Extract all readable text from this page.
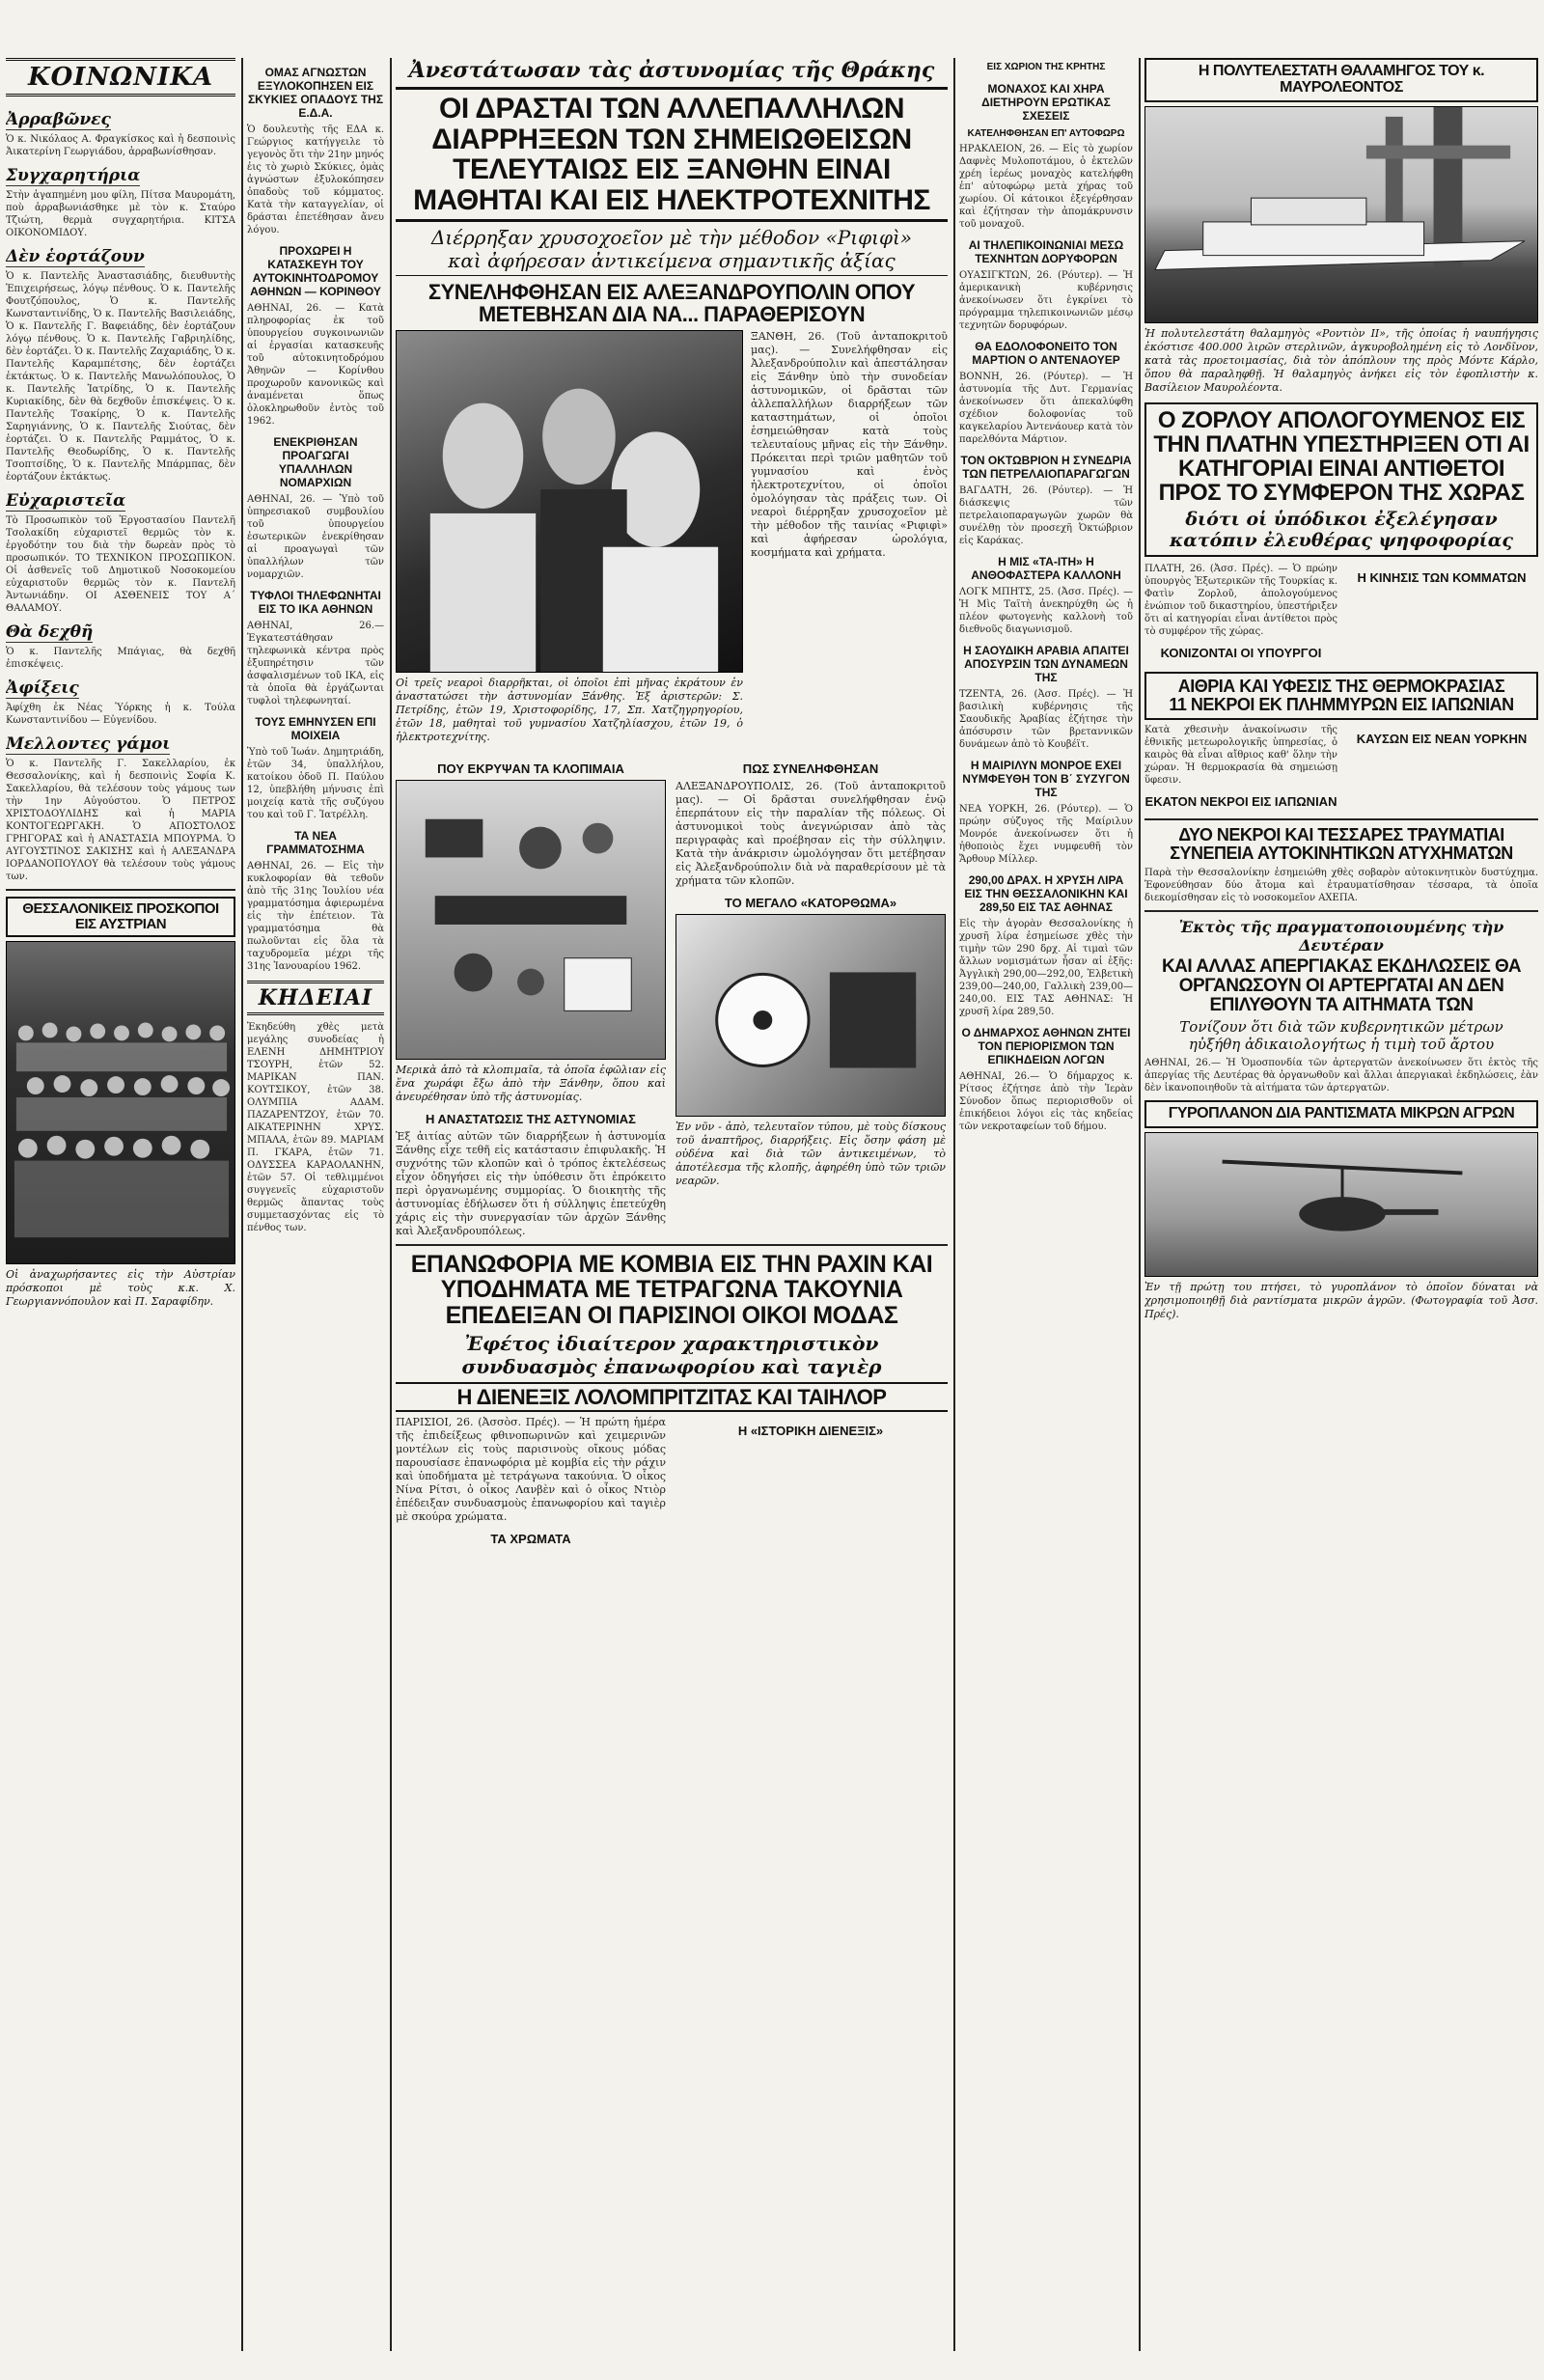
ΚΟΙΝΩΝΙΚΑ
Ἀρραβῶνες
Ὁ κ. Νικόλαος Α. Φραγκίσκος καὶ ἡ δεσποινὶς Ἀικατερίνη Γεωργιάδου, ἀρραβωνίσθησαν.
Συγχαρητήρια
Στὴν ἀγαπημένη μου φίλη, Πίτσα Μαυρομάτη, ποὺ ἀρραβωνιάσθηκε μὲ τὸν κ. Σταύρο Τζιώτη, θερμὰ συγχαρητήρια. ΚΙΤΣΑ ΟΙΚΟΝΟΜΙΔΟΥ.
Δὲν ἑορτάζουν
Ὁ κ. Παντελῆς Ἀναστασιάδης, διευθυντὴς Ἐπιχειρήσεως, λόγῳ πένθους. Ὁ κ. Παντελῆς Φουτζόπουλος, Ὁ κ. Παντελῆς Κωνσταντινίδης, Ὁ κ. Παντελῆς Βασιλειάδης, Ὁ κ. Παντελῆς Γ. Βαφειάδης, δὲν ἑορτάζουν λόγῳ πένθους. Ὁ κ. Παντελῆς Γαβριηλίδης, δὲν ἑορτάζει. Ὁ κ. Παντελῆς Ζαχαριάδης, Ὁ κ. Παντελῆς Καραμπέτσης, δὲν ἑορτάζει ἐκτάκτως. Ὁ κ. Παντελῆς Μανωλόπουλος, Ὁ κ. Παντελῆς Ἰατρίδης, Ὁ κ. Παντελῆς Κυριακίδης, δὲν θὰ δεχθοῦν ἐπισκέψεις. Ὁ κ. Παντελῆς Τσακίρης, Ὁ κ. Παντελῆς Σαρηγιάννης, Ὁ κ. Παντελῆς Σιούτας, δὲν ἑορτάζει. Ὁ κ. Παντελῆς Ραμμάτος, Ὁ κ. Παντελῆς Θεοδωρίδης, Ὁ κ. Παντελῆς Τσοπτσίδης, Ὁ κ. Παντελῆς Μπάρμπας, δὲν ἑορτάζουν ἐκτάκτως.
Εὐχαριστεῖα
Τὸ Προσωπικὸν τοῦ Ἐργοστασίου Παντελῆ Τσολακίδη εὐχαριστεῖ θερμῶς τὸν κ. ἐργοδότην του διὰ τὴν δωρεὰν πρὸς τὸ προσωπικόν. ΤΟ ΤΕΧΝΙΚΟΝ ΠΡΟΣΩΠΙΚΟΝ. Οἱ ἀσθενεῖς τοῦ Δημοτικοῦ Νοσοκομείου εὐχαριστοῦν θερμῶς τὸν κ. Παντελῆ Ἀντωνιάδην. ΟΙ ΑΣΘΕΝΕΙΣ ΤΟΥ Α΄ ΘΑΛΑΜΟΥ.
Θὰ δεχθῆ
Ὁ κ. Παντελῆς Μπάγιας, θὰ δεχθῆ ἐπισκέψεις.
Ἀφίξεις
Ἀφίχθη ἐκ Νέας Ὑόρκης ἡ κ. Τούλα Κωνσταντινίδου — Εὐγενίδου.
Μελλοντες γάμοι
Ὁ κ. Παντελῆς Γ. Σακελλαρίου, ἐκ Θεσσαλονίκης, καὶ ἡ δεσποινὶς Σοφία Κ. Σακελλαρίου, θὰ τελέσουν τοὺς γάμους των τὴν 1ην Αὐγούστου. Ὁ ΠΕΤΡΟΣ ΧΡΙΣΤΟΔΟΥΛΙΔΗΣ καὶ ἡ ΜΑΡΙΑ ΚΟΝΤΟΓΕΩΡΓΑΚΗ. Ὁ ΑΠΟΣΤΟΛΟΣ ΓΡΗΓΟΡΑΣ καὶ ἡ ΑΝΑΣΤΑΣΙΑ ΜΠΟΥΡΜΑ. Ὁ ΑΥΓΟΥΣΤΙΝΟΣ ΣΑΚΙΣΗΣ καὶ ἡ ΑΛΕΞΑΝΔΡΑ ΙΟΡΔΑΝΟΠΟΥΛΟΥ θὰ τελέσουν τοὺς γάμους των.
ΘΕΣΣΑΛΟΝΙΚΕΙΣ ΠΡΟΣΚΟΠΟΙ ΕΙΣ ΑΥΣΤΡΙΑΝ
Οἱ ἀναχωρήσαντες εἰς τὴν Αὐστρίαν πρόσκοποι μὲ τοὺς κ.κ. Χ. Γεωργιαννόπουλον καὶ Π. Σαραφίδην.
ΟΜΑΣ ΑΓΝΩΣΤΩΝ ΕΞΥΛΟΚΟΠΗΣΕΝ ΕΙΣ ΣΚΥΚΙΕΣ ΟΠΑΔΟΥΣ ΤΗΣ Ε.Δ.Α.
Ὁ δουλευτὴς τῆς ΕΔΑ κ. Γεώργιος κατήγγειλε τὸ γεγονὸς ὅτι τὴν 21ην μηνός ἐις τὸ χωριὸ Σκύκιες, ὁμὰς ἀγνώστων ἐξυλοκόπησεν ὀπαδοὺς τοῦ κόμματος. Κατὰ τὴν καταγγελίαν, οἱ δράσται ἐπετέθησαν ἄνευ λόγου.
ΠΡΟΧΩΡΕΙ Η ΚΑΤΑΣΚΕΥΗ ΤΟΥ ΑΥΤΟΚΙΝΗΤΟΔΡΟΜΟΥ ΑΘΗΝΩΝ — ΚΟΡΙΝΘΟΥ
ΑΘΗΝΑΙ, 26. — Κατὰ πληροφορίας ἐκ τοῦ ὑπουργείου συγκοινωνιῶν αἱ ἐργασίαι κατασκευῆς τοῦ αὐτοκινητοδρόμου Ἀθηνῶν — Κορίνθου προχωροῦν κανονικῶς καὶ ἀναμένεται ὅπως ὁλοκληρωθοῦν ἐντὸς τοῦ 1962.
ΕΝΕΚΡΙΘΗΣΑΝ ΠΡΟΑΓΩΓΑΙ ΥΠΑΛΛΗΛΩΝ ΝΟΜΑΡΧΙΩΝ
ΑΘΗΝΑΙ, 26. — Ὑπὸ τοῦ ὑπηρεσιακοῦ συμβουλίου τοῦ ὑπουργείου ἐσωτερικῶν ἐνεκρίθησαν αἱ προαγωγαὶ τῶν ὑπαλλήλων τῶν νομαρχιῶν.
ΤΥΦΛΟΙ ΤΗΛΕΦΩΝΗΤΑΙ ΕΙΣ ΤΟ ΙΚΑ ΑΘΗΝΩΝ
ΑΘΗΝΑΙ, 26.— Ἐγκατεστάθησαν τηλεφωνικὰ κέντρα πρὸς ἐξυπηρέτησιν τῶν ἀσφαλισμένων τοῦ ΙΚΑ, εἰς τὰ ὁποῖα θὰ ἐργάζωνται τυφλοὶ τηλεφωνηταί.
ΤΟΥΣ ΕΜΗΝΥΣΕΝ ΕΠΙ ΜΟΙΧΕΙΑ
Ὑπὸ τοῦ Ἰωάν. Δημητριάδη, ἐτῶν 34, ὑπαλλήλου, κατοίκου ὁδοῦ Π. Παύλου 12, ὑπεβλήθη μήνυσις ἐπὶ μοιχείᾳ κατὰ τῆς συζύγου του καὶ τοῦ Γ. Ἰατρέλλη.
ΤΑ ΝΕΑ ΓΡΑΜΜΑΤΟΣΗΜΑ
ΑΘΗΝΑΙ, 26. — Εἰς τὴν κυκλοφορίαν θὰ τεθοῦν ἀπὸ τῆς 31ης Ἰουλίου νέα γραμματόσημα ἀφιερωμένα εἰς τὴν ἐπέτειον. Τὰ γραμματόσημα θὰ πωλοῦνται εἰς ὅλα τὰ ταχυδρομεῖα μέχρι τῆς 31ης Ἰανουαρίου 1962.
ΚΗΔΕΙΑΙ
Ἐκηδεύθη χθὲς μετὰ μεγάλης συνοδείας ἡ ΕΛΕΝΗ ΔΗΜΗΤΡΙΟΥ ΤΣΟΥΡΗ, ἐτῶν 52. ΜΑΡΙΚΑΝ ΠΑΝ. ΚΟΥΤΣΙΚΟΥ, ἐτῶν 38. ΟΛΥΜΠΙΑ ΑΔΑΜ. ΠΑΖΑΡΕΝΤΖΟΥ, ἐτῶν 70. ΑΙΚΑΤΕΡΙΝΗΝ ΧΡΥΣ. ΜΠΑΛΑ, ἐτῶν 89. ΜΑΡΙΑΜ Π. ΓΚΑΡΑ, ἐτῶν 71. ΟΔΥΣΣΕΑ ΚΑΡΑΟΛΑΝΗΝ, ἐτῶν 57. Οἱ τεθλιμμένοι συγγενεῖς εὐχαριστοῦν θερμῶς ἅπαντας τοὺς συμμετασχόντας εἰς τὸ πένθος των.
Ἀνεστάτωσαν τὰς ἀστυνομίας τῆς Θράκης
ΟΙ ΔΡΑΣΤΑΙ ΤΩΝ ΑΛΛΕΠΑΛΛΗΛΩΝ ΔΙΑΡΡΗΞΕΩΝ ΤΩΝ ΣΗΜΕΙΩΘΕΙΣΩΝ ΤΕΛΕΥΤΑΙΩΣ ΕΙΣ ΞΑΝΘΗΝ ΕΙΝΑΙ ΜΑΘΗΤΑΙ ΚΑΙ ΕΙΣ ΗΛΕΚΤΡΟΤΕΧΝΙΤΗΣ
Διέρρηξαν χρυσοχοεῖον μὲ τὴν μέθοδον «Ριφιφὶ»
καὶ ἀφήρεσαν ἀντικείμενα σημαντικῆς ἀξίας
ΣΥΝΕΛΗΦΘΗΣΑΝ ΕΙΣ ΑΛΕΞΑΝΔΡΟΥΠΟΛΙΝ ΟΠΟΥ ΜΕΤΕΒΗΣΑΝ ΔΙΑ ΝΑ... ΠΑΡΑΘΕΡΙΣΟΥΝ
Οἱ τρεῖς νεαροὶ διαρρῆκται, οἱ ὁποῖοι ἐπὶ μῆνας ἐκράτουν ἐν ἀναστατώσει τὴν ἀστυνομίαν Ξάνθης. Ἐξ ἀριστερῶν: Σ. Πετρίδης, ἐτῶν 19, Χριστοφορίδης, 17, Σπ. Χατζηγρηγορίου, ἐτῶν 18, μαθηταὶ τοῦ γυμνασίου Χατζηλίασχου, ἐτῶν 19, ὁ ἠλεκτροτεχνίτης.
ΞΑΝΘΗ, 26. (Τοῦ ἀνταποκριτοῦ μας). — Συνελήφθησαν εἰς Ἀλεξανδρούπολιν καὶ ἀπεστάλησαν εἰς Ξάνθην ὑπὸ τὴν συνοδείαν ἀστυνομικῶν, οἱ δρᾶσται τῶν ἀλλεπαλλήλων διαρρήξεων τῶν καταστημάτων, οἱ ὁποῖοι ἐσημειώθησαν κατὰ τοὺς τελευταίους μῆνας εἰς τὴν Ξάνθην. Πρόκειται περὶ τριῶν μαθητῶν τοῦ γυμνασίου καὶ ἑνὸς ἠλεκτροτεχνίτου, οἱ ὁποῖοι ὁμολόγησαν τὰς πράξεις των. Οἱ νεαροὶ διέρρηξαν χρυσοχοεῖον μὲ τὴν μέθοδον τῆς ταινίας «Ριφιφὶ» καὶ ἀφήρεσαν ὡρολόγια, κοσμήματα καὶ χρήματα.
ΠΟΥ ΕΚΡΥΨΑΝ ΤΑ ΚΛΟΠΙΜΑΙΑ
Μερικὰ ἀπὸ τὰ κλοπιμαῖα, τὰ ὁποῖα ἐφῶλιαν εἰς ἕνα χωράφι ἔξω ἀπὸ τὴν Ξάνθην, ὅπου καὶ ἀνευρέθησαν ὑπὸ τῆς ἀστυνομίας.
Η ΑΝΑΣΤΑΤΩΣΙΣ ΤΗΣ ΑΣΤΥΝΟΜΙΑΣ
Ἐξ ἀιτίας αὐτῶν τῶν διαρρήξεων ἡ ἀστυνομία Ξάνθης εἶχε τεθῆ εἰς κατάστασιν ἐπιφυλακῆς. Ἡ συχνότης τῶν κλοπῶν καὶ ὁ τρόπος ἐκτελέσεως εἶχον ὁδηγήσει εἰς τὴν ὑπόθεσιν ὅτι ἐπρόκειτο περὶ ὀργανωμένης συμμορίας. Ὁ διοικητὴς τῆς ἀστυνομίας ἐδήλωσεν ὅτι ἡ σύλληψις ἐπετεύχθη χάρις εἰς τὴν συνεργασίαν τῶν ἀρχῶν Ξάνθης καὶ Ἀλεξανδρουπόλεως.
ΠΩΣ ΣΥΝΕΛΗΦΘΗΣΑΝ
ΑΛΕΞΑΝΔΡΟΥΠΟΛΙΣ, 26. (Τοῦ ἀνταποκριτοῦ μας). — Οἱ δρᾶσται συνελήφθησαν ἐνῷ ἐπερπάτουν εἰς τὴν παραλίαν τῆς πόλεως. Οἱ ἀστυνομικοὶ τοὺς ἀνεγνώρισαν ἀπὸ τὰς περιγραφὰς καὶ προέβησαν εἰς τὴν σύλληψιν. Κατὰ τὴν ἀνάκρισιν ὡμολόγησαν ὅτι μετέβησαν εἰς Ἀλεξανδρούπολιν διὰ νὰ παραθερίσουν μὲ τὰ χρήματα τῶν κλοπῶν.
ΤΟ ΜΕΓΑΛΟ «ΚΑΤΟΡΘΩΜΑ»
Ἐν νῦν - ἀπὸ, τελευταῖον τύπου, μὲ τοὺς δίσκους τοῦ ἀναπτῆρος, διαρρήξεις. Εἰς ὅσην φάση μὲ οὐδένα καὶ διὰ τῶν ἀντικειμένων, τὸ ἀποτέλεσμα τῆς κλοπῆς, ἀφηρέθη ὑπὸ τῶν τριῶν νεαρῶν.
ΕΠΑΝΩΦΟΡΙΑ ΜΕ ΚΟΜΒΙΑ ΕΙΣ ΤΗΝ ΡΑΧΙΝ ΚΑΙ ΥΠΟΔΗΜΑΤΑ ΜΕ ΤΕΤΡΑΓΩΝΑ ΤΑΚΟΥΝΙΑ ΕΠΕΔΕΙΞΑΝ ΟΙ ΠΑΡΙΣΙΝΟΙ ΟΙΚΟΙ ΜΟΔΑΣ
Ἐφέτος ἰδιαίτερον χαρακτηριστικὸν
συνδυασμὸς ἐπανωφορίου καὶ ταγιὲρ
Η ΔΙΕΝΕΞΙΣ ΛΟΛΟΜΠΡΙΤΖΙΤΑΣ ΚΑΙ ΤΑΙΗΛΟΡ
ΠΑΡΙΣΙΟΙ, 26. (Ἀσσὸσ. Πρές). — Ἡ πρώτη ἡμέρα τῆς ἐπιδείξεως φθινοπωρινῶν καὶ χειμερινῶν μοντέλων εἰς τοὺς παρισινοὺς οἴκους μόδας παρουσίασε ἐπανωφόρια μὲ κομβία εἰς τὴν ράχιν καὶ ὑποδήματα μὲ τετράγωνα τακούνια. Ὁ οἶκος Νίνα Ρίτσι, ὁ οἶκος Λανβὲν καὶ ὁ οἶκος Ντιὸρ ἐπέδειξαν συνδυασμοὺς ἐπανωφορίου καὶ ταγιὲρ μὲ σκούρα χρώματα.
ΤΑ ΧΡΩΜΑΤΑ
Η «ΙΣΤΟΡΙΚΗ ΔΙΕΝΕΞΙΣ»
ΕΙΣ ΧΩΡΙΟΝ ΤΗΣ ΚΡΗΤΗΣ
ΜΟΝΑΧΟΣ ΚΑΙ ΧΗΡΑ ΔΙΕΤΗΡΟΥΝ ΕΡΩΤΙΚΑΣ ΣΧΕΣΕΙΣ
ΚΑΤΕΛΗΦΘΗΣΑΝ ΕΠ' ΑΥΤΟΦΩΡΩ
ΗΡΑΚΛΕΙΟΝ, 26. — Εἰς τὸ χωρίον Δαφνὲς Μυλοποτάμου, ὁ ἐκτελῶν χρέη ἱερέως μοναχὸς κατελήφθη ἐπ' αὐτοφώρῳ μετὰ χήρας τοῦ χωρίου. Οἱ κάτοικοι ἐξεγέρθησαν καὶ ἐζήτησαν τὴν ἀπομάκρυνσιν τοῦ μοναχοῦ.
ΑΙ ΤΗΛΕΠΙΚΟΙΝΩΝΙΑΙ ΜΕΣΩ ΤΕΧΝΗΤΩΝ ΔΟΡΥΦΟΡΩΝ
ΟΥΑΣΙΓΚΤΩΝ, 26. (Ρόυτερ). — Ἡ ἀμερικανικὴ κυβέρνησις ἀνεκοίνωσεν ὅτι ἐγκρίνει τὸ πρόγραμμα τηλεπικοινωνιῶν μέσῳ τεχνητῶν δορυφόρων.
ΘΑ ΕΔΟΛΟΦΟΝΕΙΤΟ ΤΟΝ ΜΑΡΤΙΟΝ Ο ΑΝΤΕΝΑΟΥΕΡ
ΒΟΝΝΗ, 26. (Ρόυτερ). — Ἡ ἀστυνομία τῆς Δυτ. Γερμανίας ἀνεκοίνωσεν ὅτι ἀπεκαλύφθη σχέδιον δολοφονίας τοῦ καγκελαρίου Ἀντενάουερ κατὰ τὸν παρελθόντα Μάρτιον.
ΤΟΝ ΟΚΤΩΒΡΙΟΝ Η ΣΥΝΕΔΡΙΑ ΤΩΝ ΠΕΤΡΕΛΑΙΟΠΑΡΑΓΩΓΩΝ
ΒΑΓΔΑΤΗ, 26. (Ρόυτερ). — Ἡ διάσκεψις τῶν πετρελαιοπαραγωγῶν χωρῶν θὰ συνέλθῃ τὸν προσεχῆ Ὀκτώβριον εἰς Καράκας.
Η ΜΙΣ «ΤΑ-ΙΤΗ» Η ΑΝΘΟΦΑΣΤΕΡΑ ΚΑΛΛΟΝΗ
ΛΟΓΚ ΜΠΗΤΣ, 25. (Ἀσσ. Πρές). — Ἡ Μὶς Ταϊτὴ ἀνεκηρύχθη ὡς ἡ πλέον φωτογενὴς καλλονὴ τοῦ διεθνοῦς διαγωνισμοῦ.
Η ΣΑΟΥΔΙΚΗ ΑΡΑΒΙΑ ΑΠΑΙΤΕΙ ΑΠΟΣΥΡΣΙΝ ΤΩΝ ΔΥΝΑΜΕΩΝ ΤΗΣ
ΤΖΕΝΤΑ, 26. (Ἀσσ. Πρές). — Ἡ βασιλικὴ κυβέρνησις τῆς Σαουδικῆς Ἀραβίας ἐζήτησε τὴν ἀπόσυρσιν τῶν βρεταννικῶν δυνάμεων ἀπὸ τὸ Κουβέϊτ.
Η ΜΑΙΡΙΛΥΝ ΜΟΝΡΟΕ ΕΧΕΙ ΝΥΜΦΕΥΘΗ ΤΟΝ Β΄ ΣΥΖΥΓΟΝ ΤΗΣ
ΝΕΑ ΥΟΡΚΗ, 26. (Ρόυτερ). — Ὁ πρώην σύζυγος τῆς Μαίριλυν Μονρόε ἀνεκοίνωσεν ὅτι ἡ ἠθοποιὸς ἔχει νυμφευθῆ τὸν Ἄρθουρ Μίλλερ.
290,00 ΔΡΑΧ. Η ΧΡΥΣΗ ΛΙΡΑ ΕΙΣ ΤΗΝ ΘΕΣΣΑΛΟΝΙΚΗΝ ΚΑΙ 289,50 ΕΙΣ ΤΑΣ ΑΘΗΝΑΣ
Εἰς τὴν ἀγορὰν Θεσσαλονίκης ἡ χρυσῆ λίρα ἐσημείωσε χθὲς τὴν τιμὴν τῶν 290 δρχ. Αἱ τιμαὶ τῶν ἄλλων νομισμάτων ἦσαν αἱ ἑξῆς: Ἀγγλικὴ 290,00—292,00, Ἑλβετικὴ 239,00—240,00, Γαλλικὴ 239,00—240,00. ΕΙΣ ΤΑΣ ΑΘΗΝΑΣ: Ἡ χρυσῆ λίρα 289,50.
Ο ΔΗΜΑΡΧΟΣ ΑΘΗΝΩΝ ΖΗΤΕΙ ΤΟΝ ΠΕΡΙΟΡΙΣΜΟΝ ΤΩΝ ΕΠΙΚΗΔΕΙΩΝ ΛΟΓΩΝ
ΑΘΗΝΑΙ, 26.— Ὁ δήμαρχος κ. Ρίτσος ἐζήτησε ἀπὸ τὴν Ἱερὰν Σύνοδον ὅπως περιορισθοῦν οἱ ἐπικήδειοι λόγοι εἰς τὰς κηδείας τῶν νεκροταφείων τοῦ δήμου.
Η ΠΟΛΥΤΕΛΕΣΤΑΤΗ ΘΑΛΑΜΗΓΟΣ ΤΟΥ κ. ΜΑΥΡΟΛΕΟΝΤΟΣ
Ἡ πολυτελεστάτη θαλαμηγὸς «Ροντιὸν ΙΙ», τῆς ὁποίας ἡ ναυπήγησις ἐκόστισε 400.000 λιρῶν στερλινῶν, ἀγκυροβολημένη εἰς τὸ Λονδῖνον, κατὰ τὰς προετοιμασίας, διὰ τὸν ἀπόπλουν της πρὸς Μόντε Κάρλο, ὅπου θὰ παραληφθῇ. Ἡ θαλαμηγὸς ἀνήκει εἰς τὸν ἐφοπλιστὴν κ. Βασίλειον Μαυρολέοντα.
Ο ΖΟΡΛΟΥ ΑΠΟΛΟΓΟΥΜΕΝΟΣ ΕΙΣ ΤΗΝ ΠΛΑΤΗΝ ΥΠΕΣΤΗΡΙΞΕΝ ΟΤΙ ΑΙ ΚΑΤΗΓΟΡΙΑΙ ΕΙΝΑΙ ΑΝΤΙΘΕΤΟΙ ΠΡΟΣ ΤΟ ΣΥΜΦΕΡΟΝ ΤΗΣ ΧΩΡΑΣ
διότι οἱ ὑπόδικοι ἐξελέγησαν
κατόπιν ἐλευθέρας ψηφοφορίας
ΠΛΑΤΗ, 26. (Ἀσσ. Πρές). — Ὁ πρώην ὑπουργὸς Ἐξωτερικῶν τῆς Τουρκίας κ. Φατὶν Ζορλοῦ, ἀπολογούμενος ἐνώπιον τοῦ δικαστηρίου, ὑπεστήριξεν ὅτι αἱ κατηγορίαι εἶναι ἀντίθετοι πρὸς τὸ συμφέρον τῆς χώρας.
ΚΟΝΙΖΟΝΤΑΙ ΟΙ ΥΠΟΥΡΓΟΙ
Η ΚΙΝΗΣΙΣ ΤΩΝ ΚΟΜΜΑΤΩΝ
ΑΙΘΡΙΑ ΚΑΙ ΥΦΕΣΙΣ ΤΗΣ ΘΕΡΜΟΚΡΑΣΙΑΣ
11 ΝΕΚΡΟΙ ΕΚ ΠΛΗΜΜΥΡΩΝ ΕΙΣ ΙΑΠΩΝΙΑΝ
Κατὰ χθεσινὴν ἀνακοίνωσιν τῆς ἐθνικῆς μετεωρολογικῆς ὑπηρεσίας, ὁ καιρὸς θὰ εἶναι αἴθριος καθ' ὅλην τὴν χώραν. Ἡ θερμοκρασία θὰ σημειώσῃ ὕφεσιν.
ΕΚΑΤΟΝ ΝΕΚΡΟΙ ΕΙΣ ΙΑΠΩΝΙΑΝ
ΚΑΥΣΩΝ ΕΙΣ ΝΕΑΝ ΥΟΡΚΗΝ
ΔΥΟ ΝΕΚΡΟΙ ΚΑΙ ΤΕΣΣΑΡΕΣ ΤΡΑΥΜΑΤΙΑΙ ΣΥΝΕΠΕΙΑ ΑΥΤΟΚΙΝΗΤΙΚΩΝ ΑΤΥΧΗΜΑΤΩΝ
Παρὰ τὴν Θεσσαλονίκην ἐσημειώθη χθὲς σοβαρὸν αὐτοκινητικὸν δυστύχημα. Ἐφονεύθησαν δύο ἄτομα καὶ ἐτραυματίσθησαν τέσσαρα, τὰ ὁποῖα διεκομίσθησαν εἰς τὸ νοσοκομεῖον ΑΧΕΠΑ.
Ἐκτὸς τῆς πραγματοποιουμένης τὴν Δευτέραν
ΚΑΙ ΑΛΛΑΣ ΑΠΕΡΓΙΑΚΑΣ ΕΚΔΗΛΩΣΕΙΣ ΘΑ ΟΡΓΑΝΩΣΟΥΝ ΟΙ ΑΡΤΕΡΓΑΤΑΙ ΑΝ ΔΕΝ ΕΠΙΛΥΘΟΥΝ ΤΑ ΑΙΤΗΜΑΤΑ ΤΩΝ
Τονίζουν ὅτι διὰ τῶν κυβερνητικῶν μέτρων
ηὐξήθη ἀδικαιολογήτως ἡ τιμὴ τοῦ ἄρτου
ΑΘΗΝΑΙ, 26.— Ἡ Ὁμοσπονδία τῶν ἀρτεργατῶν ἀνεκοίνωσεν ὅτι ἐκτὸς τῆς ἀπεργίας τῆς Δευτέρας θὰ ὀργανωθοῦν καὶ ἄλλαι ἀπεργιακαὶ ἐκδηλώσεις, ἐὰν δὲν ἱκανοποιηθοῦν τὰ αἰτήματα τῶν ἀρτεργατῶν.
ΓΥΡΟΠΛΑΝΟΝ ΔΙΑ ΡΑΝΤΙΣΜΑΤΑ ΜΙΚΡΩΝ ΑΓΡΩΝ
Ἐν τῇ πρώτῃ του πτήσει, τὸ γυροπλάνον τὸ ὁποῖον δύναται νὰ χρησιμοποιηθῇ διὰ ραντίσματα μικρῶν ἀγρῶν. (Φωτογραφία τοῦ Ἀσσ. Πρές).
